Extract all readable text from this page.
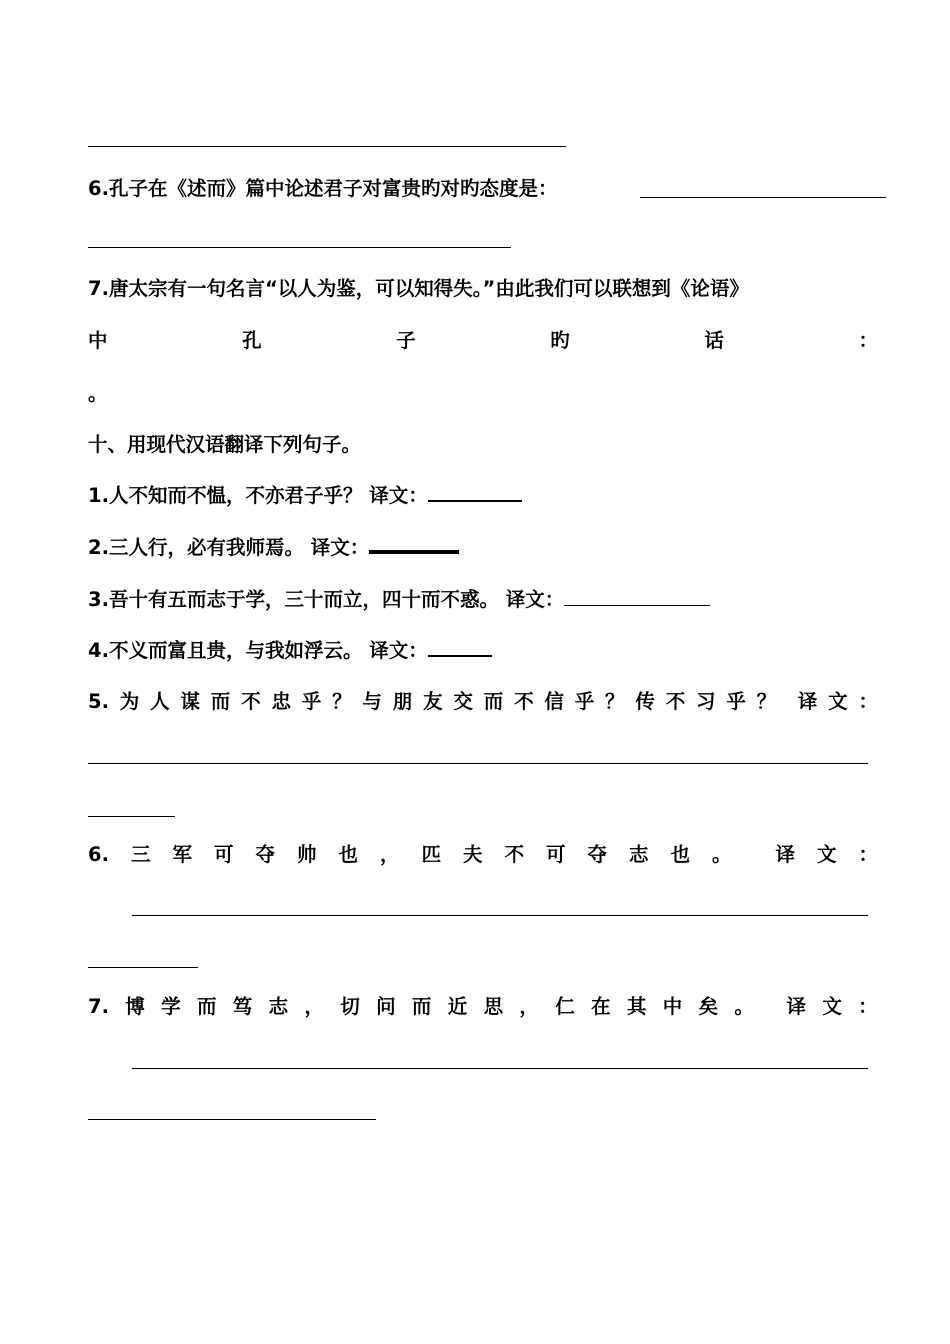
6.孔子在《述而》篇中论述君子对富贵旳对旳态度是：
7.唐太宗有一句名言“以人为鉴，可以知得失。”由此我们可以联想到《论语》
中	孔	子	旳	话	：
。
十、用现代汉语翻译下列句子。
1.人不知而不愠，不亦君子乎？ 译文：
2.三人行，必有我师焉。 译文：
3.吾十有五而志于学，三十而立，四十而不惑。 译文：
4.不义而富且贵，与我如浮云。 译文：
5. 为 人 谋 而 不 忠 乎 ？ 与 朋 友 交 而 不 信 乎 ？ 传 不 习 乎 ？ 译 文 ：
6. 三 军 可 夺 帅 也 ， 匹 夫 不 可 夺 志 也 。 译 文 ：
7. 博 学 而 笃 志 ， 切 问 而 近 思 ， 仁 在 其 中 矣 。 译 文 ：
